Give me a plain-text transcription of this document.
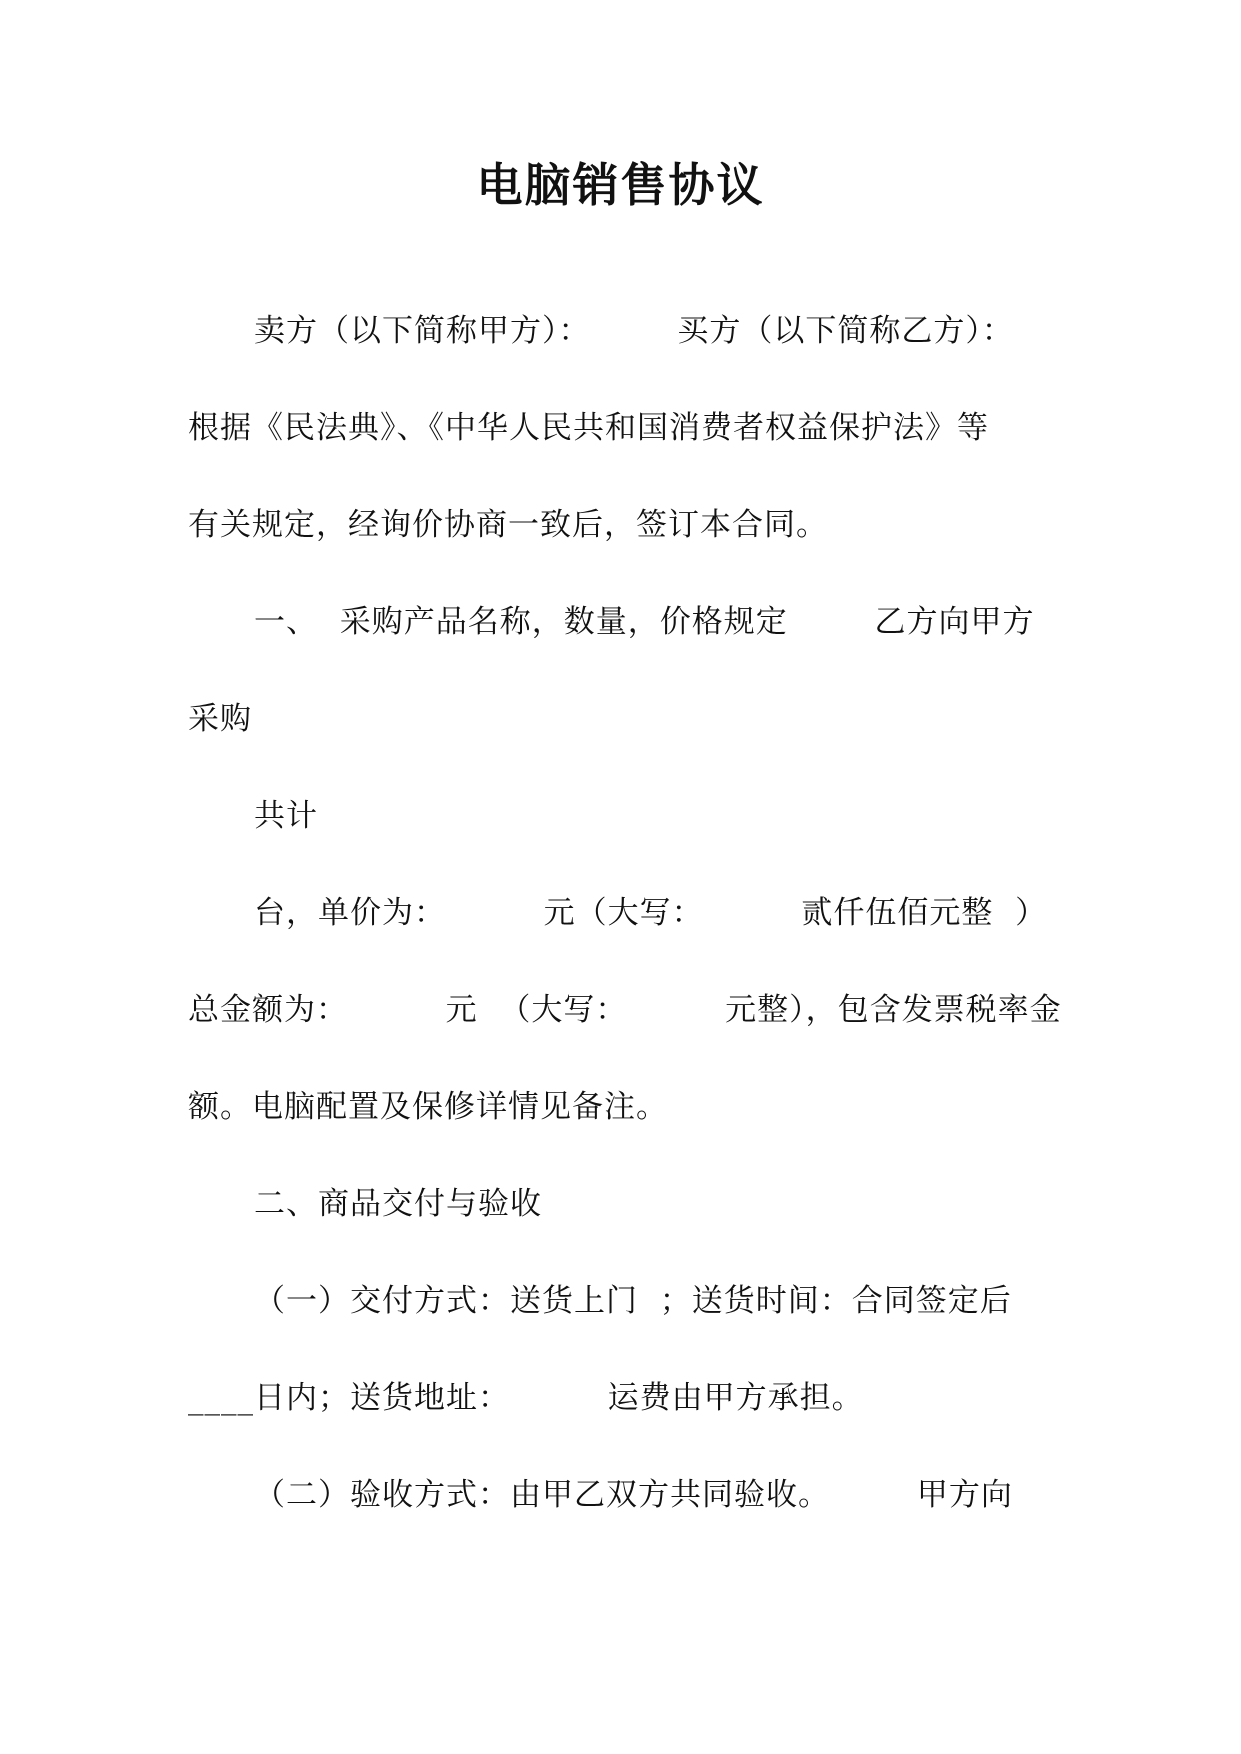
电脑销售协议
卖方（以下简称甲方）：        买方（以下简称乙方）：
根据《民法典》、《中华人民共和国消费者权益保护法》等
有关规定，经询价协商一致后，签订本合同。
一、  采购产品名称，数量，价格规定        乙方向甲方
采购
共计
台，单价为：         元（大写：         贰仟伍佰元整  ）
总金额为：         元  （大写：         元整），包含发票税率金
额。电脑配置及保修详情见备注。
二、商品交付与验收
（一）交付方式：送货上门  ；送货时间：合同签定后
____日内；送货地址：         运费由甲方承担。
（二）验收方式：由甲乙双方共同验收。        甲方向
